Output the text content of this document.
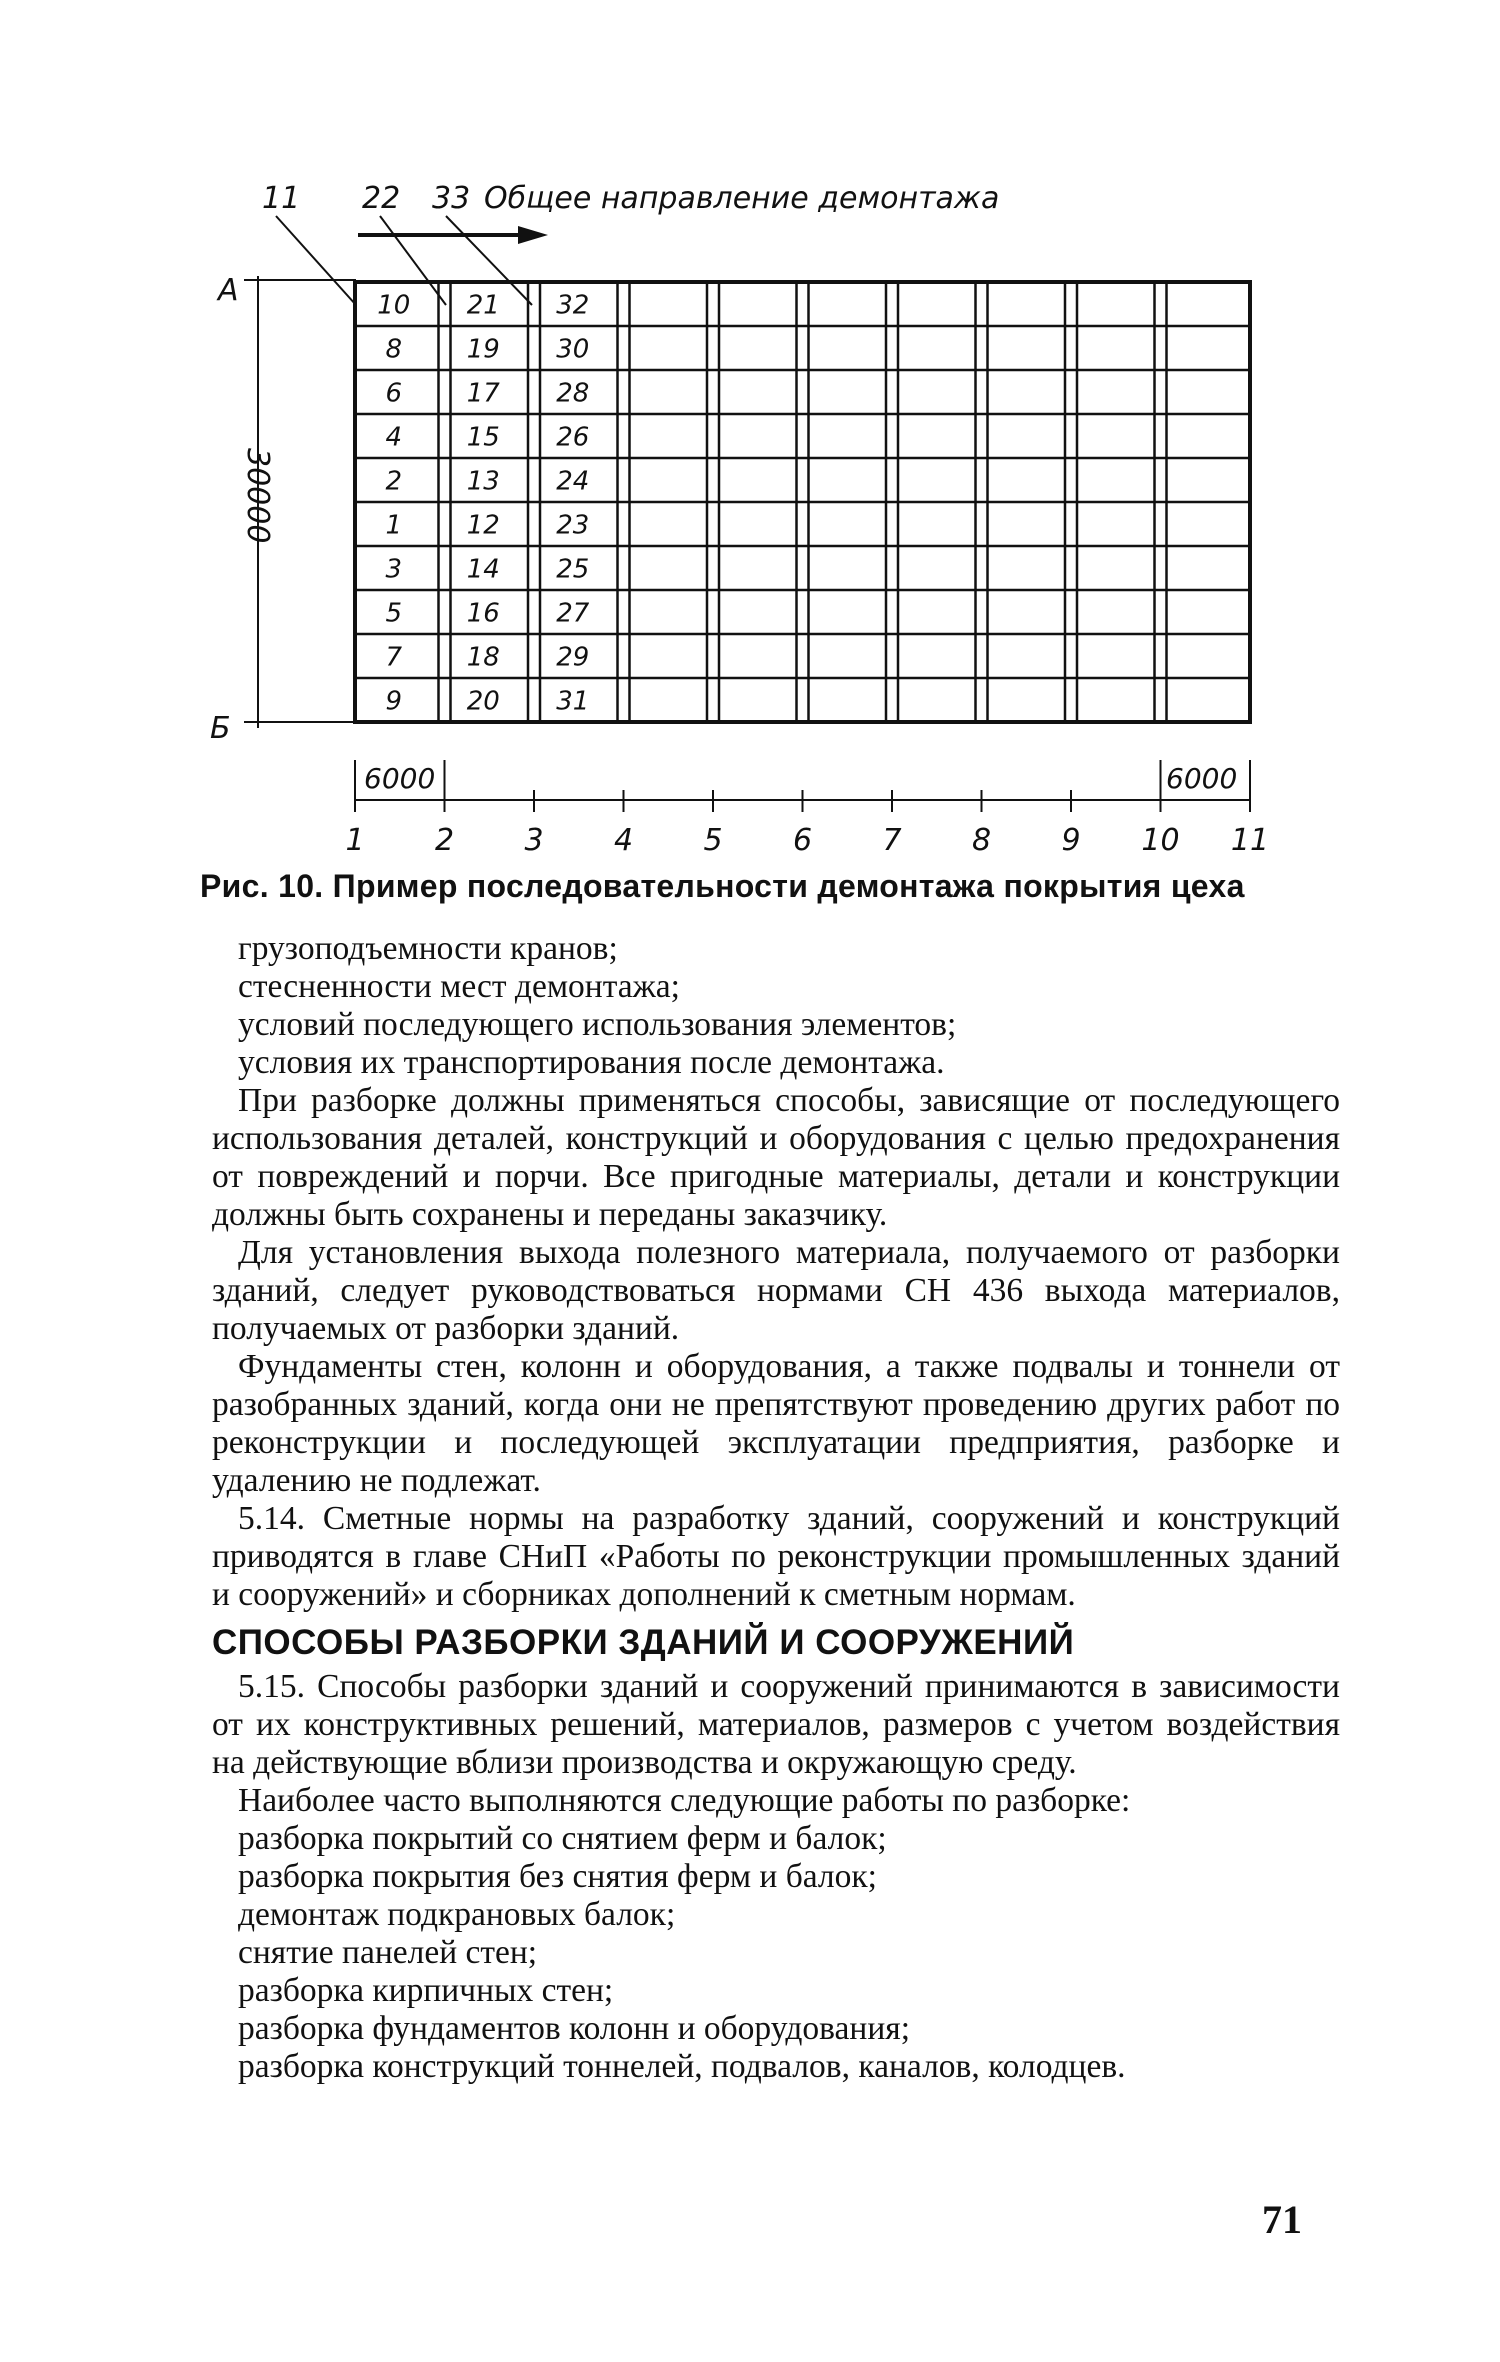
11 22 33 Общее направление демонтажа
А
Б
30000
10
8
6
4
2
1
3
5
7
9
21
19
17
15
13
12
14
16
18
20
32
30
28
26
24
23
25
27
29
31
6000	6000
1 2 3 4 5 6 7 8 9 10 11
Рис. 10. Пример последовательности демонтажа покрытия цеха

грузоподъемности кранов;

стесненности мест демонтажа;

условий последующего использования элементов;

условия их транспортирования после демонтажа.

При разборке должны применяться способы, зависящие от последующего использования деталей, конструкций и оборудования с целью предохранения от повреждений и порчи. Все пригодные материалы, детали и конструкции должны быть сохранены и переданы заказчику.

Для установления выхода полезного материала, получаемого от разборки зданий, следует руководствоваться нормами СН 436 выхода материалов, получаемых от разборки зданий.

Фундаменты стен, колонн и оборудования, а также подвалы и тоннели от разобранных зданий, когда они не препятствуют проведению других работ по реконструкции и последующей эксплуатации предприятия, разборке и удалению не подлежат.

5.14. Сметные нормы на разработку зданий, сооружений и конструкций приводятся в главе СНиП «Работы по реконструкции промышленных зданий и сооружений» и сборниках дополнений к сметным нормам.

СПОСОБЫ РАЗБОРКИ ЗДАНИЙ И СООРУЖЕНИЙ

5.15. Способы разборки зданий и сооружений принимаются в зависимости от их конструктивных решений, материалов, размеров с учетом воздействия на действующие вблизи производства и окружающую среду.

Наиболее часто выполняются следующие работы по разборке:

разборка покрытий со снятием ферм и балок;

разборка покрытия без снятия ферм и балок;

демонтаж подкрановых балок;

снятие панелей стен;

разборка кирпичных стен;

разборка фундаментов колонн и оборудования;

разборка конструкций тоннелей, подвалов, каналов, колодцев.

71
